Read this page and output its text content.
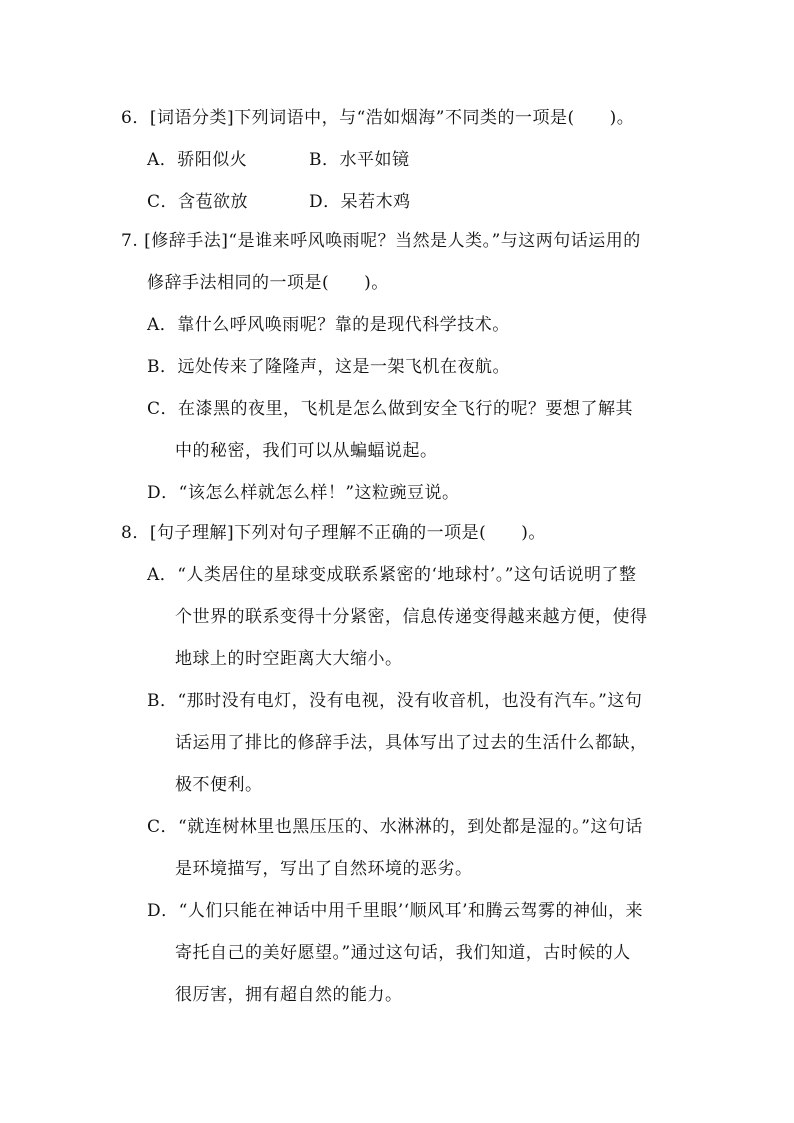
6．[词语分类]下列词语中，与“浩如烟海”不同类的一项是(　　)。
A．骄阳似火	B．水平如镜
C．含苞欲放	D．呆若木鸡
7. [修辞手法]“是谁来呼风唤雨呢？当然是人类。”与这两句话运用的
修辞手法相同的一项是(　　)。
A．靠什么呼风唤雨呢？靠的是现代科学技术。
B．远处传来了隆隆声，这是一架飞机在夜航。
C．在漆黑的夜里，飞机是怎么做到安全飞行的呢？要想了解其
中的秘密，我们可以从蝙蝠说起。
D．“该怎么样就怎么样！”这粒豌豆说。
8．[句子理解]下列对句子理解不正确的一项是(　　)。
A．“人类居住的星球变成联系紧密的‘地球村’。”这句话说明了整
个世界的联系变得十分紧密，信息传递变得越来越方便，使得
地球上的时空距离大大缩小。
B．“那时没有电灯，没有电视，没有收音机，也没有汽车。”这句
话运用了排比的修辞手法，具体写出了过去的生活什么都缺，
极不便利。
C．“就连树林里也黑压压的、水淋淋的，到处都是湿的。”这句话
是环境描写，写出了自然环境的恶劣。
D．“人们只能在神话中用千里眼’‘顺风耳’和腾云驾雾的神仙，来
寄托自己的美好愿望。”通过这句话，我们知道，古时候的人
很厉害，拥有超自然的能力。
